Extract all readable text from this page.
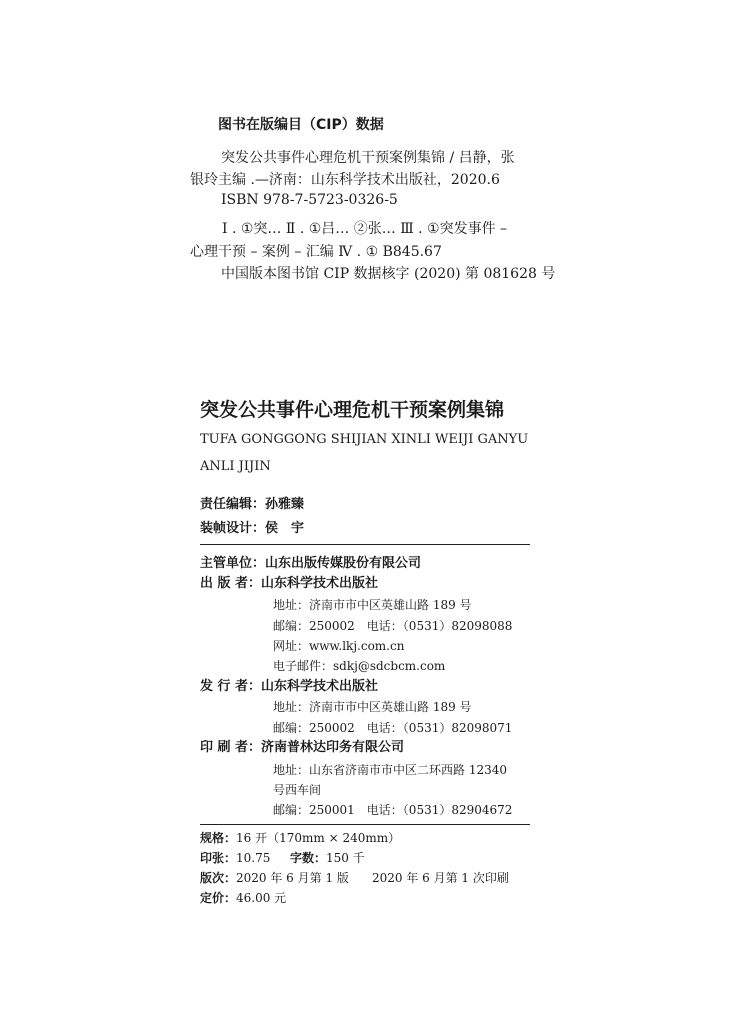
图书在版编目（CIP）数据
突发公共事件心理危机干预案例集锦 / 吕静，张
银玲主编 .—济南：山东科学技术出版社，2020.6
ISBN 978-7-5723-0326-5
Ⅰ . ①突… Ⅱ . ①吕… ②张… Ⅲ . ①突发事件 –
心理干预 – 案例 – 汇编 Ⅳ . ① B845.67
中国版本图书馆 CIP 数据核字 (2020) 第 081628 号
突发公共事件心理危机干预案例集锦
TUFA GONGGONG SHIJIAN XINLI WEIJI GANYU
ANLI JIJIN
责任编辑：孙雅臻
装帧设计：侯　宇
主管单位：山东出版传媒股份有限公司
出 版 者：山东科学技术出版社
地址：济南市市中区英雄山路 189 号
邮编：250002　电话：（0531）82098088
网址：www.lkj.com.cn
电子邮件：sdkj@sdcbcm.com
发 行 者：山东科学技术出版社
地址：济南市市中区英雄山路 189 号
邮编：250002　电话：（0531）82098071
印 刷 者：济南普林达印务有限公司
地址：山东省济南市市中区二环西路 12340
号西车间
邮编：250001　电话：（0531）82904672
规格：16 开（170mm × 240mm）
印张：10.75 字数：150 千
版次：2020 年 6 月第 1 版 2020 年 6 月第 1 次印刷
定价：46.00 元
